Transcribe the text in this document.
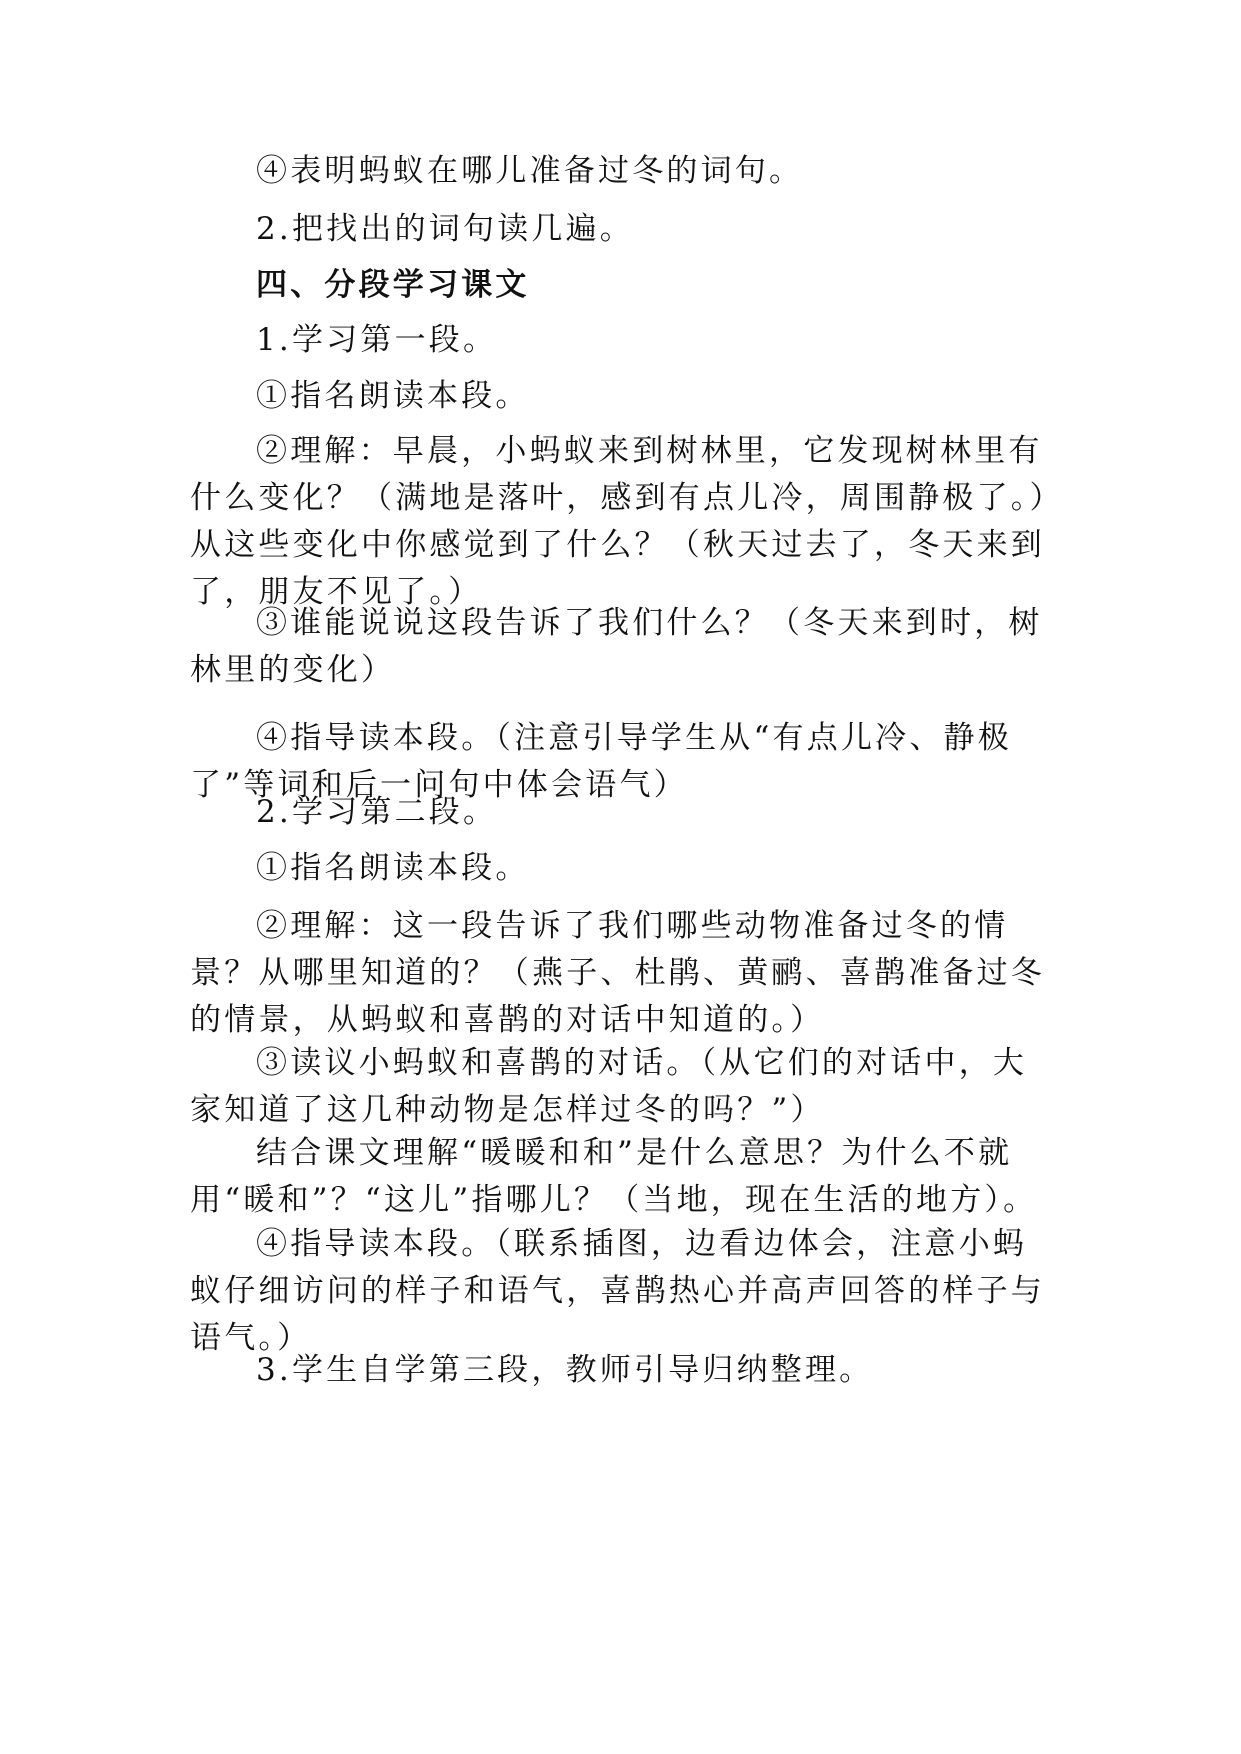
④表明蚂蚁在哪儿准备过冬的词句。

2.把找出的词句读几遍。

四、分段学习课文

1.学习第一段。

①指名朗读本段。

②理解：早晨，小蚂蚁来到树林里，它发现树林里有什么变化？（满地是落叶，感到有点儿冷，周围静极了。）从这些变化中你感觉到了什么？（秋天过去了，冬天来到了，朋友不见了。）

③谁能说说这段告诉了我们什么？（冬天来到时，树林里的变化）

④指导读本段。（注意引导学生从“有点儿冷、静极了”等词和后一问句中体会语气）

2.学习第二段。

①指名朗读本段。

②理解：这一段告诉了我们哪些动物准备过冬的情景？从哪里知道的？（燕子、杜鹃、黄鹂、喜鹊准备过冬的情景，从蚂蚁和喜鹊的对话中知道的。）

③读议小蚂蚁和喜鹊的对话。（从它们的对话中，大家知道了这几种动物是怎样过冬的吗？”）

结合课文理解“暖暖和和”是什么意思？为什么不就用“暖和”？“这儿”指哪儿？（当地，现在生活的地方）。

④指导读本段。（联系插图，边看边体会，注意小蚂蚁仔细访问的样子和语气，喜鹊热心并高声回答的样子与语气。）

3.学生自学第三段，教师引导归纳整理。
